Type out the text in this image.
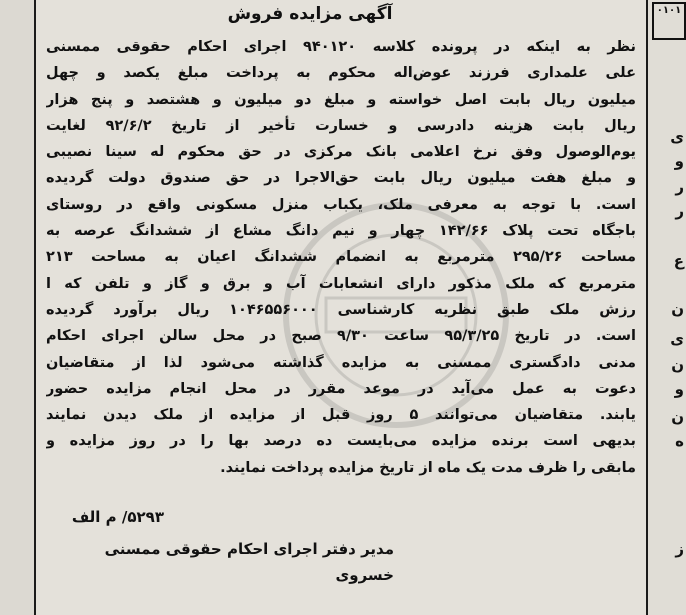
۰۱۰۱
ی
و
ر
ر
ع
ن
ی
ن
و
ن
ه
ز
آگهی مزایده فروش
نظر به اینکه در پرونده کلاسه ۹۴۰۱۲۰ اجرای احکام حقوقی ممسنی
علی علمداری فرزند عوض‌اله محکوم به پرداخت مبلغ یکصد و چهل
میلیون ریال بابت اصل خواسته و مبلغ دو میلیون و هشتصد و پنج هزار
ریال بابت هزینه دادرسی و خسارت تأخیر از تاریخ ۹۲/۶/۲ لغایت
یوم‌الوصول وفق نرخ اعلامی بانک مرکزی در حق محکوم له سینا نصیبی
و مبلغ هفت میلیون ریال بابت حق‌الاجرا در حق صندوق دولت گردیده
است. با توجه به معرفی ملک، یکباب منزل مسکونی واقع در روستای
باجگاه تحت پلاک ۱۴۲/۶۶ چهار و نیم دانگ مشاع از ششدانگ عرصه به
مساحت ۲۹۵/۲۶ مترمربع به انضمام ششدانگ اعیان به مساحت ۲۱۳
مترمربع که ملک مذکور دارای انشعابات آب و برق و گاز و تلفن که ا
رزش ملک طبق نظریه کارشناسی ۱۰۴۶۵۵۶۰۰۰ ریال برآورد گردیده
است. در تاریخ ۹۵/۳/۲۵ ساعت ۹/۳۰ صبح در محل سالن اجرای احکام
مدنی دادگستری ممسنی به مزایده گذاشته می‌شود لذا از متقاضیان
دعوت به عمل می‌آید در موعد مقرر در محل انجام مزایده حضور
یابند. متقاضیان می‌توانند ۵ روز قبل از مزایده از ملک دیدن نمایند
بدیهی است برنده مزایده می‌بایست ده درصد بها را در روز مزایده و
مابقی را ظرف مدت یک ماه از تاریخ مزایده پرداخت نمایند.
۵۲۹۳/ م الف
مدیر دفتر اجرای احکام حقوقی ممسنی
خسروی
